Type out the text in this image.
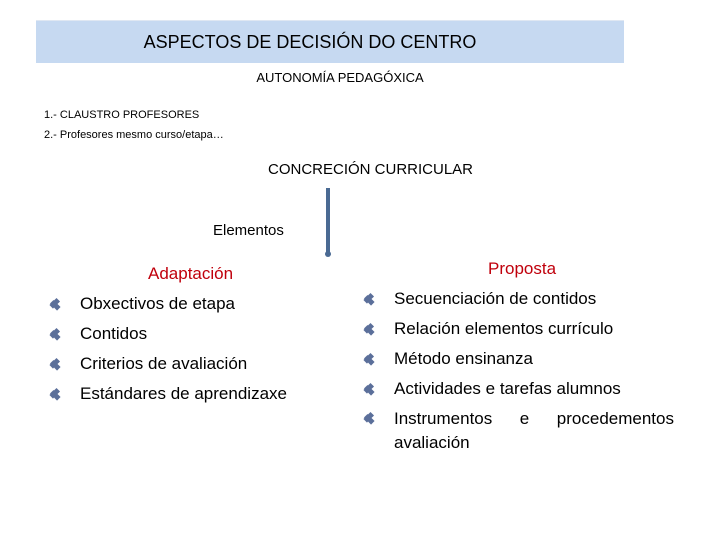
ASPECTOS DE DECISIÓN DO CENTRO
AUTONOMÍA PEDAGÓXICA
1.- CLAUSTRO PROFESORES
2.- Profesores mesmo curso/etapa…
CONCRECIÓN CURRICULAR
Elementos
Adaptación
Obxectivos de etapa
Contidos
Criterios de avaliación
Estándares de aprendizaxe
Proposta
Secuenciación de contidos
Relación elementos currículo
Método ensinanza
Actividades e tarefas alumnos
Instrumentos e procedementos avaliación
